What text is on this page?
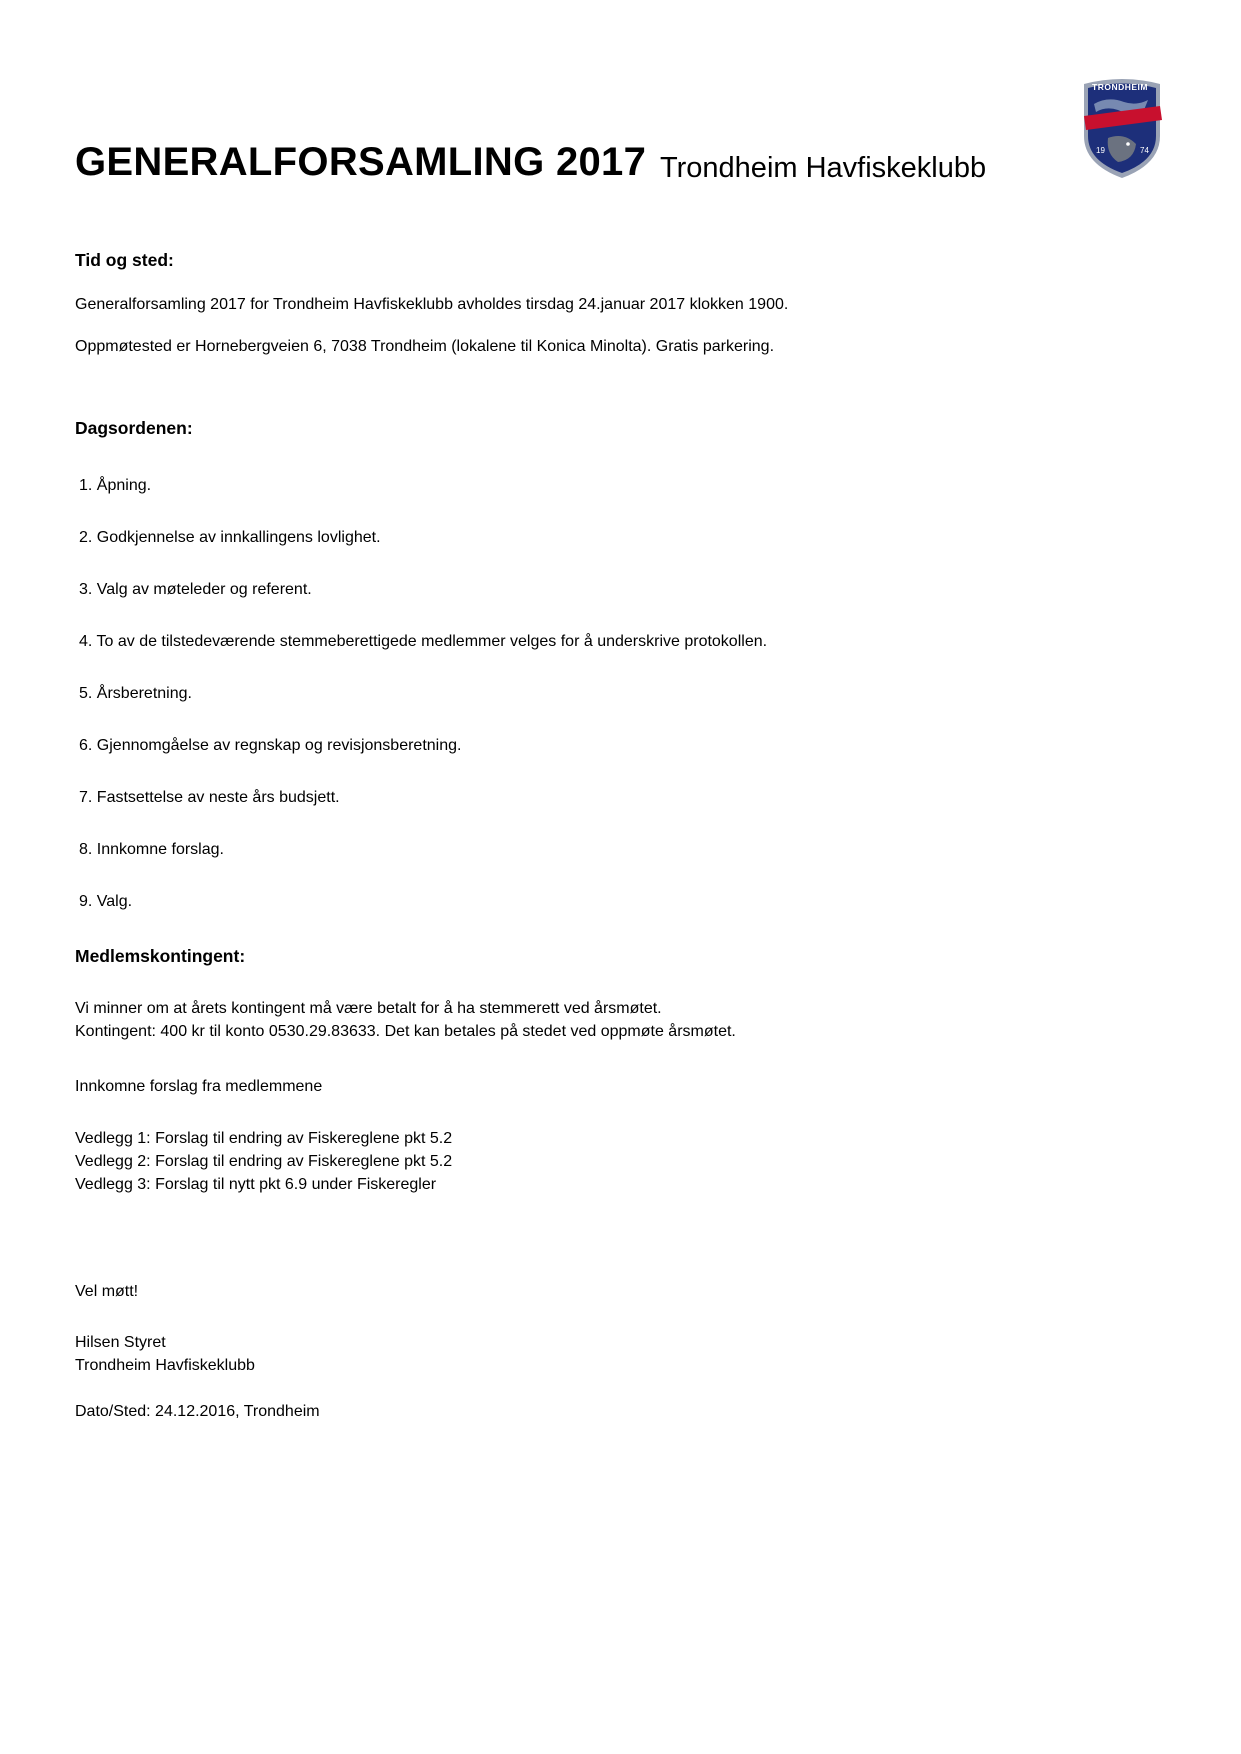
GENERALFORSAMLING 2017 Trondheim Havfiskeklubb
TRONDHEIM
19	74
Tid og sted:
Generalforsamling 2017 for Trondheim Havfiskeklubb avholdes tirsdag 24.januar 2017 klokken 1900.
Oppmøtested er Hornebergveien 6, 7038 Trondheim (lokalene til Konica Minolta). Gratis parkering.
Dagsordenen:
1. Åpning.
2. Godkjennelse av innkallingens lovlighet.
3. Valg av møteleder og referent.
4. To av de tilstedeværende stemmeberettigede medlemmer velges for å underskrive protokollen.
5. Årsberetning.
6. Gjennomgåelse av regnskap og revisjonsberetning.
7. Fastsettelse av neste års budsjett.
8. Innkomne forslag.
9. Valg.
Medlemskontingent:
Vi minner om at årets kontingent må være betalt for å ha stemmerett ved årsmøtet.
Kontingent: 400 kr til konto 0530.29.83633. Det kan betales på stedet ved oppmøte årsmøtet.
Innkomne forslag fra medlemmene
Vedlegg 1: Forslag til endring av Fiskereglene pkt 5.2
Vedlegg 2: Forslag til endring av Fiskereglene pkt 5.2
Vedlegg 3: Forslag til nytt pkt 6.9 under Fiskeregler
Vel møtt!
Hilsen Styret
Trondheim Havfiskeklubb
Dato/Sted: 24.12.2016, Trondheim
